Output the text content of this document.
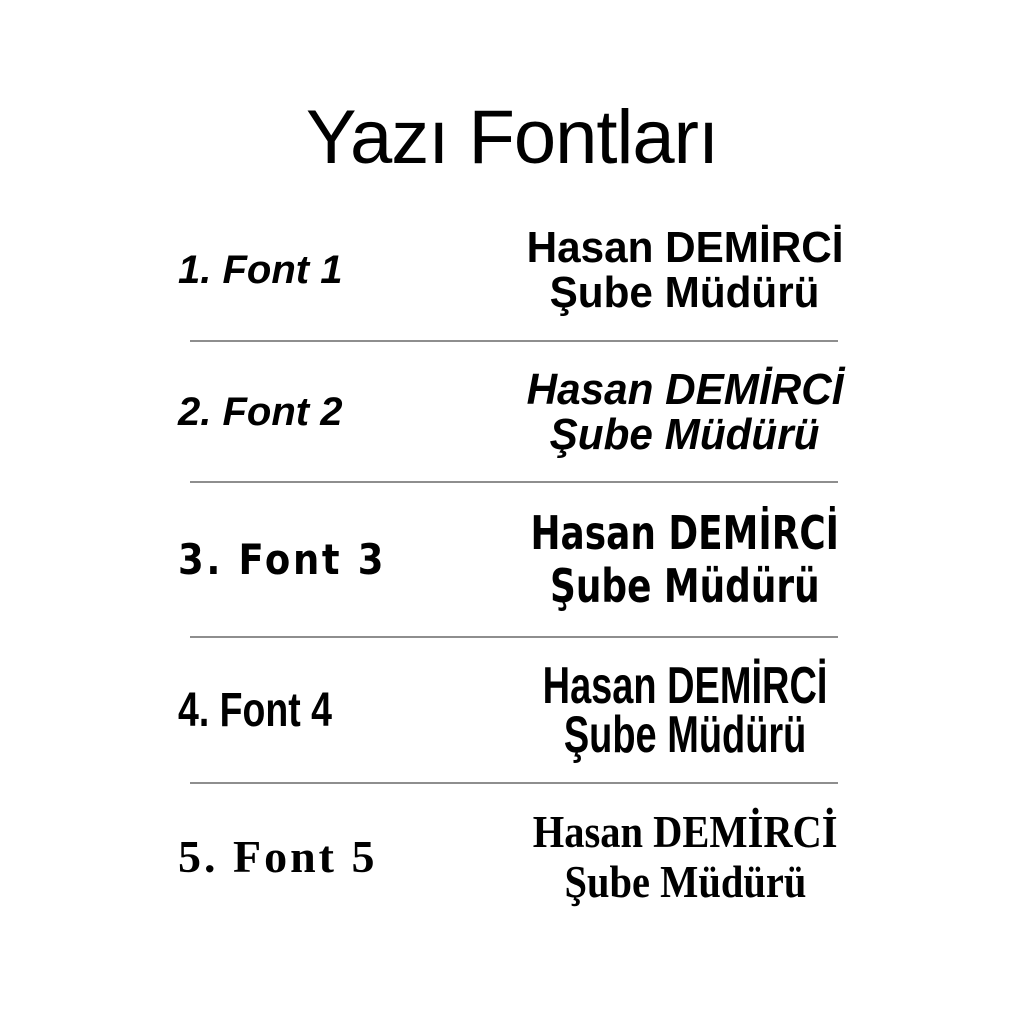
Yazı Fontları
1. Font 1	Hasan DEMİRCİ
Şube Müdürü
2. Font 2	Hasan DEMİRCİ
Şube Müdürü
3. Font 3	Hasan DEMİRCİ
Şube Müdürü
4. Font 4	Hasan DEMİRCİ
Şube Müdürü
5. Font 5	Hasan DEMİRCİ
Şube Müdürü
